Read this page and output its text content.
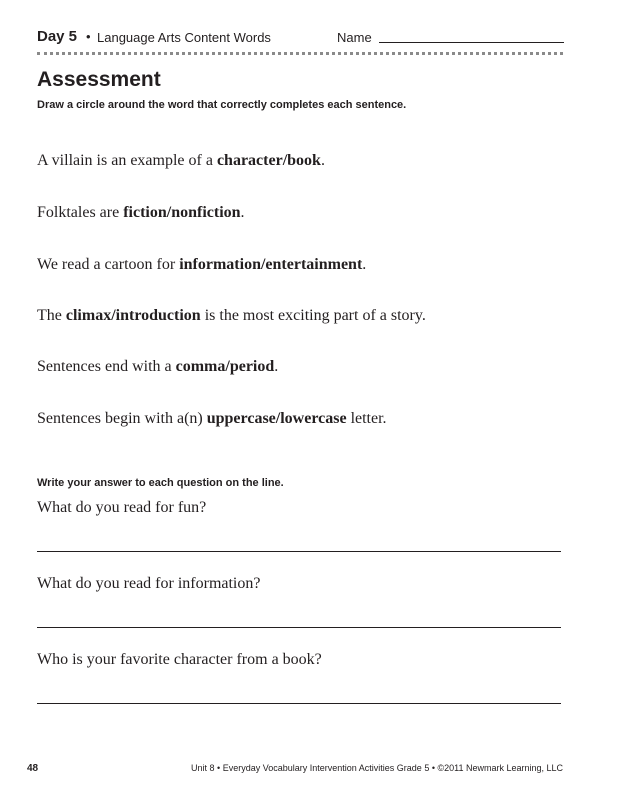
Day 5 • Language Arts Content Words	Name
Assessment
Draw a circle around the word that correctly completes each sentence.
A villain is an example of a character/book.
Folktales are fiction/nonfiction.
We read a cartoon for information/entertainment.
The climax/introduction is the most exciting part of a story.
Sentences end with a comma/period.
Sentences begin with a(n) uppercase/lowercase letter.
Write your answer to each question on the line.
What do you read for fun?
What do you read for information?
Who is your favorite character from a book?
48	Unit 8 • Everyday Vocabulary Intervention Activities Grade 5 • ©2011 Newmark Learning, LLC
